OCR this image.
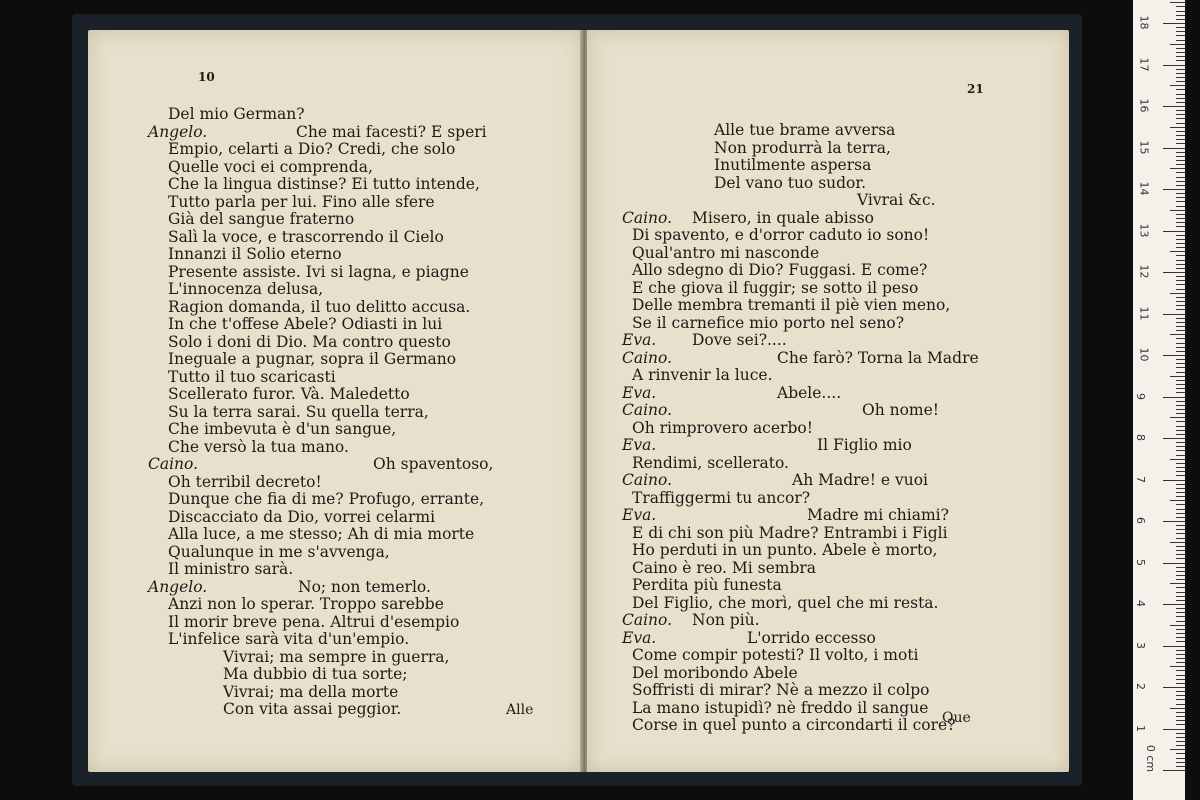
10
Del mio German?
Angelo.	Che mai facesti? E speri
Empio, celarti a Dio? Credi, che solo
Quelle voci ei comprenda,
Che la lingua distinse? Ei tutto intende,
Tutto parla per lui. Fino alle sfere
Già del sangue fraterno
Salì la voce, e trascorrendo il Cielo
Innanzi il Solio eterno
Presente assiste. Ivi si lagna, e piagne
L'innocenza delusa,
Ragion domanda, il tuo delitto accusa.
In che t'offese Abele? Odiasti in lui
Solo i doni di Dio. Ma contro questo
Ineguale a pugnar, sopra il Germano
Tutto il tuo scaricasti
Scellerato furor. Và. Maledetto
Su la terra sarai. Su quella terra,
Che imbevuta è d'un sangue,
Che versò la tua mano.
Caino.	Oh spaventoso,
Oh terribil decreto!
Dunque che fia di me? Profugo, errante,
Discacciato da Dio, vorrei celarmi
Alla luce, a me stesso; Ah di mia morte
Qualunque in me s'avvenga,
Il ministro sarà.
Angelo.	No; non temerlo.
Anzi non lo sperar. Troppo sarebbe
Il morir breve pena. Altrui d'esempio
L'infelice sarà vita d'un'empio.
Vivrai; ma sempre in guerra,
Ma dubbio di tua sorte;
Vivrai; ma della morte
Con vita assai peggior.	Alle
21
Alle tue brame avversa
Non produrrà la terra,
Inutilmente aspersa
Del vano tuo sudor.
Vivrai &c.
Caino. Misero, in quale abisso
Di spavento, e d'orror caduto io sono!
Qual'antro mi nasconde
Allo sdegno di Dio? Fuggasi. E come?
E che giova il fuggir; se sotto il peso
Delle membra tremanti il piè vien meno,
Se il carnefice mio porto nel seno?
Eva. Dove sei?....
Caino.	Che farò? Torna la Madre
A rinvenir la luce.
Eva.	Abele....
Caino.	Oh nome!
Oh rimprovero acerbo!
Eva.	Il Figlio mio
Rendimi, scellerato.
Caino.	Ah Madre! e vuoi
Traffiggermi tu ancor?
Eva.	Madre mi chiami?
E di chi son più Madre? Entrambi i Figli
Ho perduti in un punto. Abele è morto,
Caino è reo. Mi sembra
Perdita più funesta
Del Figlio, che morì, quel che mi resta.
Caino. Non più.
Eva.	L'orrido eccesso
Come compir potesti? Il volto, i moti
Del moribondo Abele
Soffristi di mirar? Nè a mezzo il colpo
La mano istupidì? nè freddo il sangue
Corse in quel punto a circondarti il core?
Que
0 cm
1
2
3
4
5
6
7
8
9
10
11
12
13
14
15
16
17
18
